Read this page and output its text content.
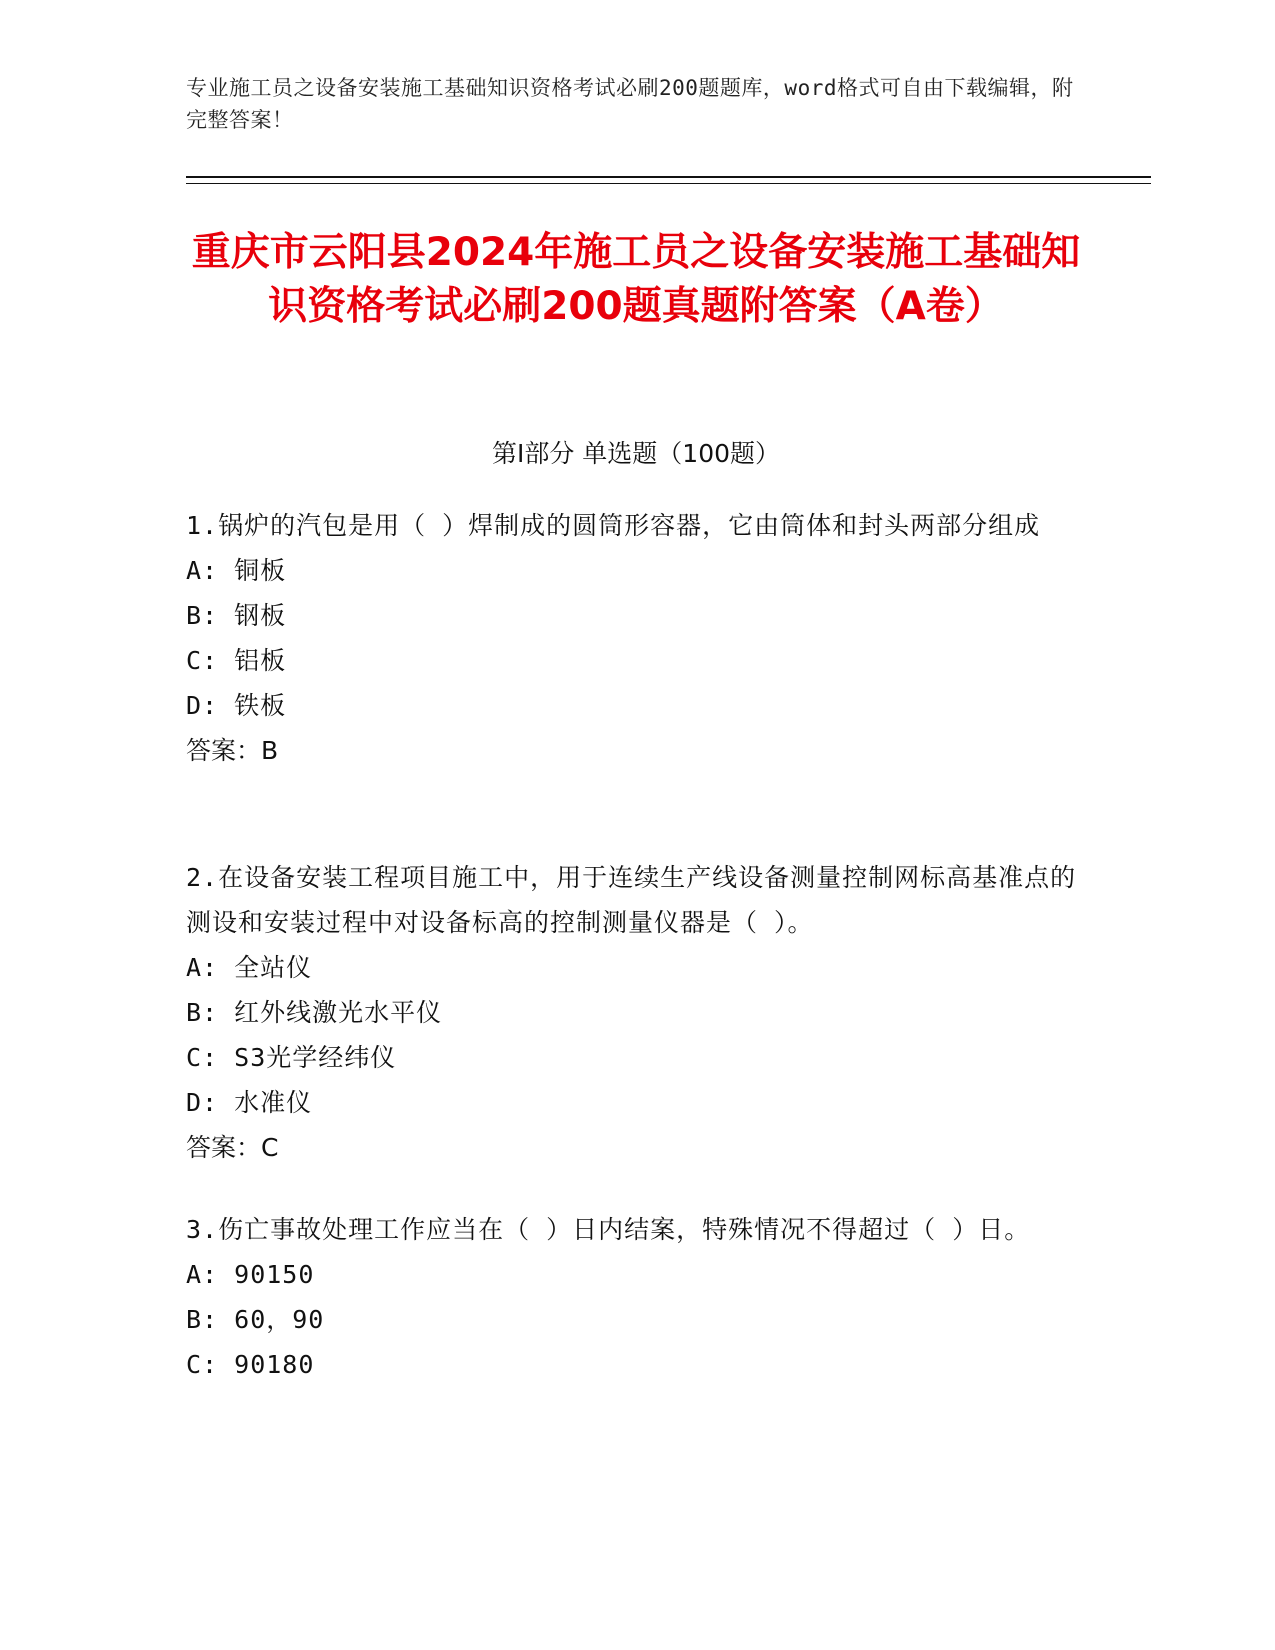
专业施工员之设备安装施工基础知识资格考试必刷200题题库，word格式可自由下载编辑，附完整答案！
重庆市云阳县2024年施工员之设备安装施工基础知识资格考试必刷200题真题附答案（A卷）
第Ⅰ部分 单选题（100题）
1.锅炉的汽包是用（ ）焊制成的圆筒形容器，它由筒体和封头两部分组成
A: 铜板
B: 钢板
C: 铝板
D: 铁板
答案：B
2.在设备安装工程项目施工中，用于连续生产线设备测量控制网标高基准点的测设和安装过程中对设备标高的控制测量仪器是（ ）。
A: 全站仪
B: 红外线激光水平仪
C: S3光学经纬仪
D: 水准仪
答案：C
3.伤亡事故处理工作应当在（ ）日内结案，特殊情况不得超过（ ）日。
A: 90150
B: 60，90
C: 90180
